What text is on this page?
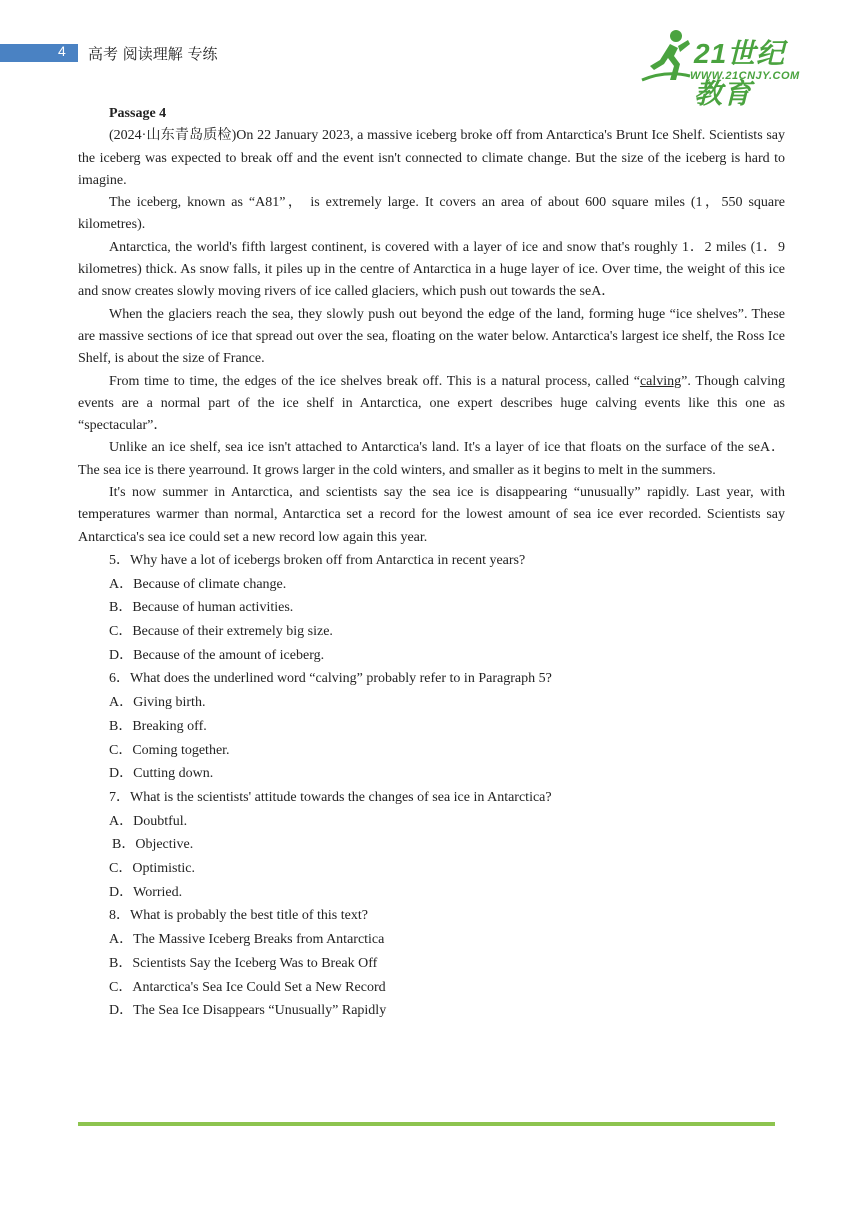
4 高考 阅读理解 专练	21世纪教育
WWW.21CNJY.COM

Passage 4

(2024·山东青岛质检)On 22 January 2023, a massive iceberg broke off from Antarctica's Brunt Ice Shelf. Scientists say the iceberg was expected to break off and the event isn't connected to climate change. But the size of the iceberg is hard to imagine.

The iceberg, known as “A81”， is extremely large. It covers an area of about 600 square miles (1，550 square kilometres).

Antarctica, the world's fifth largest continent, is covered with a layer of ice and snow that's roughly 1．2 miles (1．9 kilometres) thick. As snow falls, it piles up in the centre of Antarctica in a huge layer of ice. Over time, the weight of this ice and snow creates slowly moving rivers of ice called glaciers, which push out towards the seA．

When the glaciers reach the sea, they slowly push out beyond the edge of the land, forming huge “ice shelves”. These are massive sections of ice that spread out over the sea, floating on the water below. Antarctica's largest ice shelf, the Ross Ice Shelf, is about the size of France.

From time to time, the edges of the ice shelves break off. This is a natural process, called “calving”. Though calving events are a normal part of the ice shelf in Antarctica, one expert describes huge calving events like this one as “spectacular”．

Unlike an ice shelf, sea ice isn't attached to Antarctica's land. It's a layer of ice that floats on the surface of the seA． The sea ice is there yearround. It grows larger in the cold winters, and smaller as it begins to melt in the summers.

It's now summer in Antarctica, and scientists say the sea ice is disappearing “unusually” rapidly. Last year, with temperatures warmer than normal, Antarctica set a record for the lowest amount of sea ice ever recorded. Scientists say Antarctica's sea ice could set a new record low again this year.

5．Why have a lot of icebergs broken off from Antarctica in recent years?

A．Because of climate change.

B．Because of human activities.

C．Because of their extremely big size.

D．Because of the amount of iceberg.

6．What does the underlined word “calving” probably refer to in Paragraph 5?

A．Giving birth.

B．Breaking off.

C．Coming together.

D．Cutting down.

7．What is the scientists' attitude towards the changes of sea ice in Antarctica?

A．Doubtful.

B．Objective.

C．Optimistic.

D．Worried.

8．What is probably the best title of this text?

A．The Massive Iceberg Breaks from Antarctica

B．Scientists Say the Iceberg Was to Break Off

C．Antarctica's Sea Ice Could Set a New Record

D．The Sea Ice Disappears “Unusually” Rapidly
